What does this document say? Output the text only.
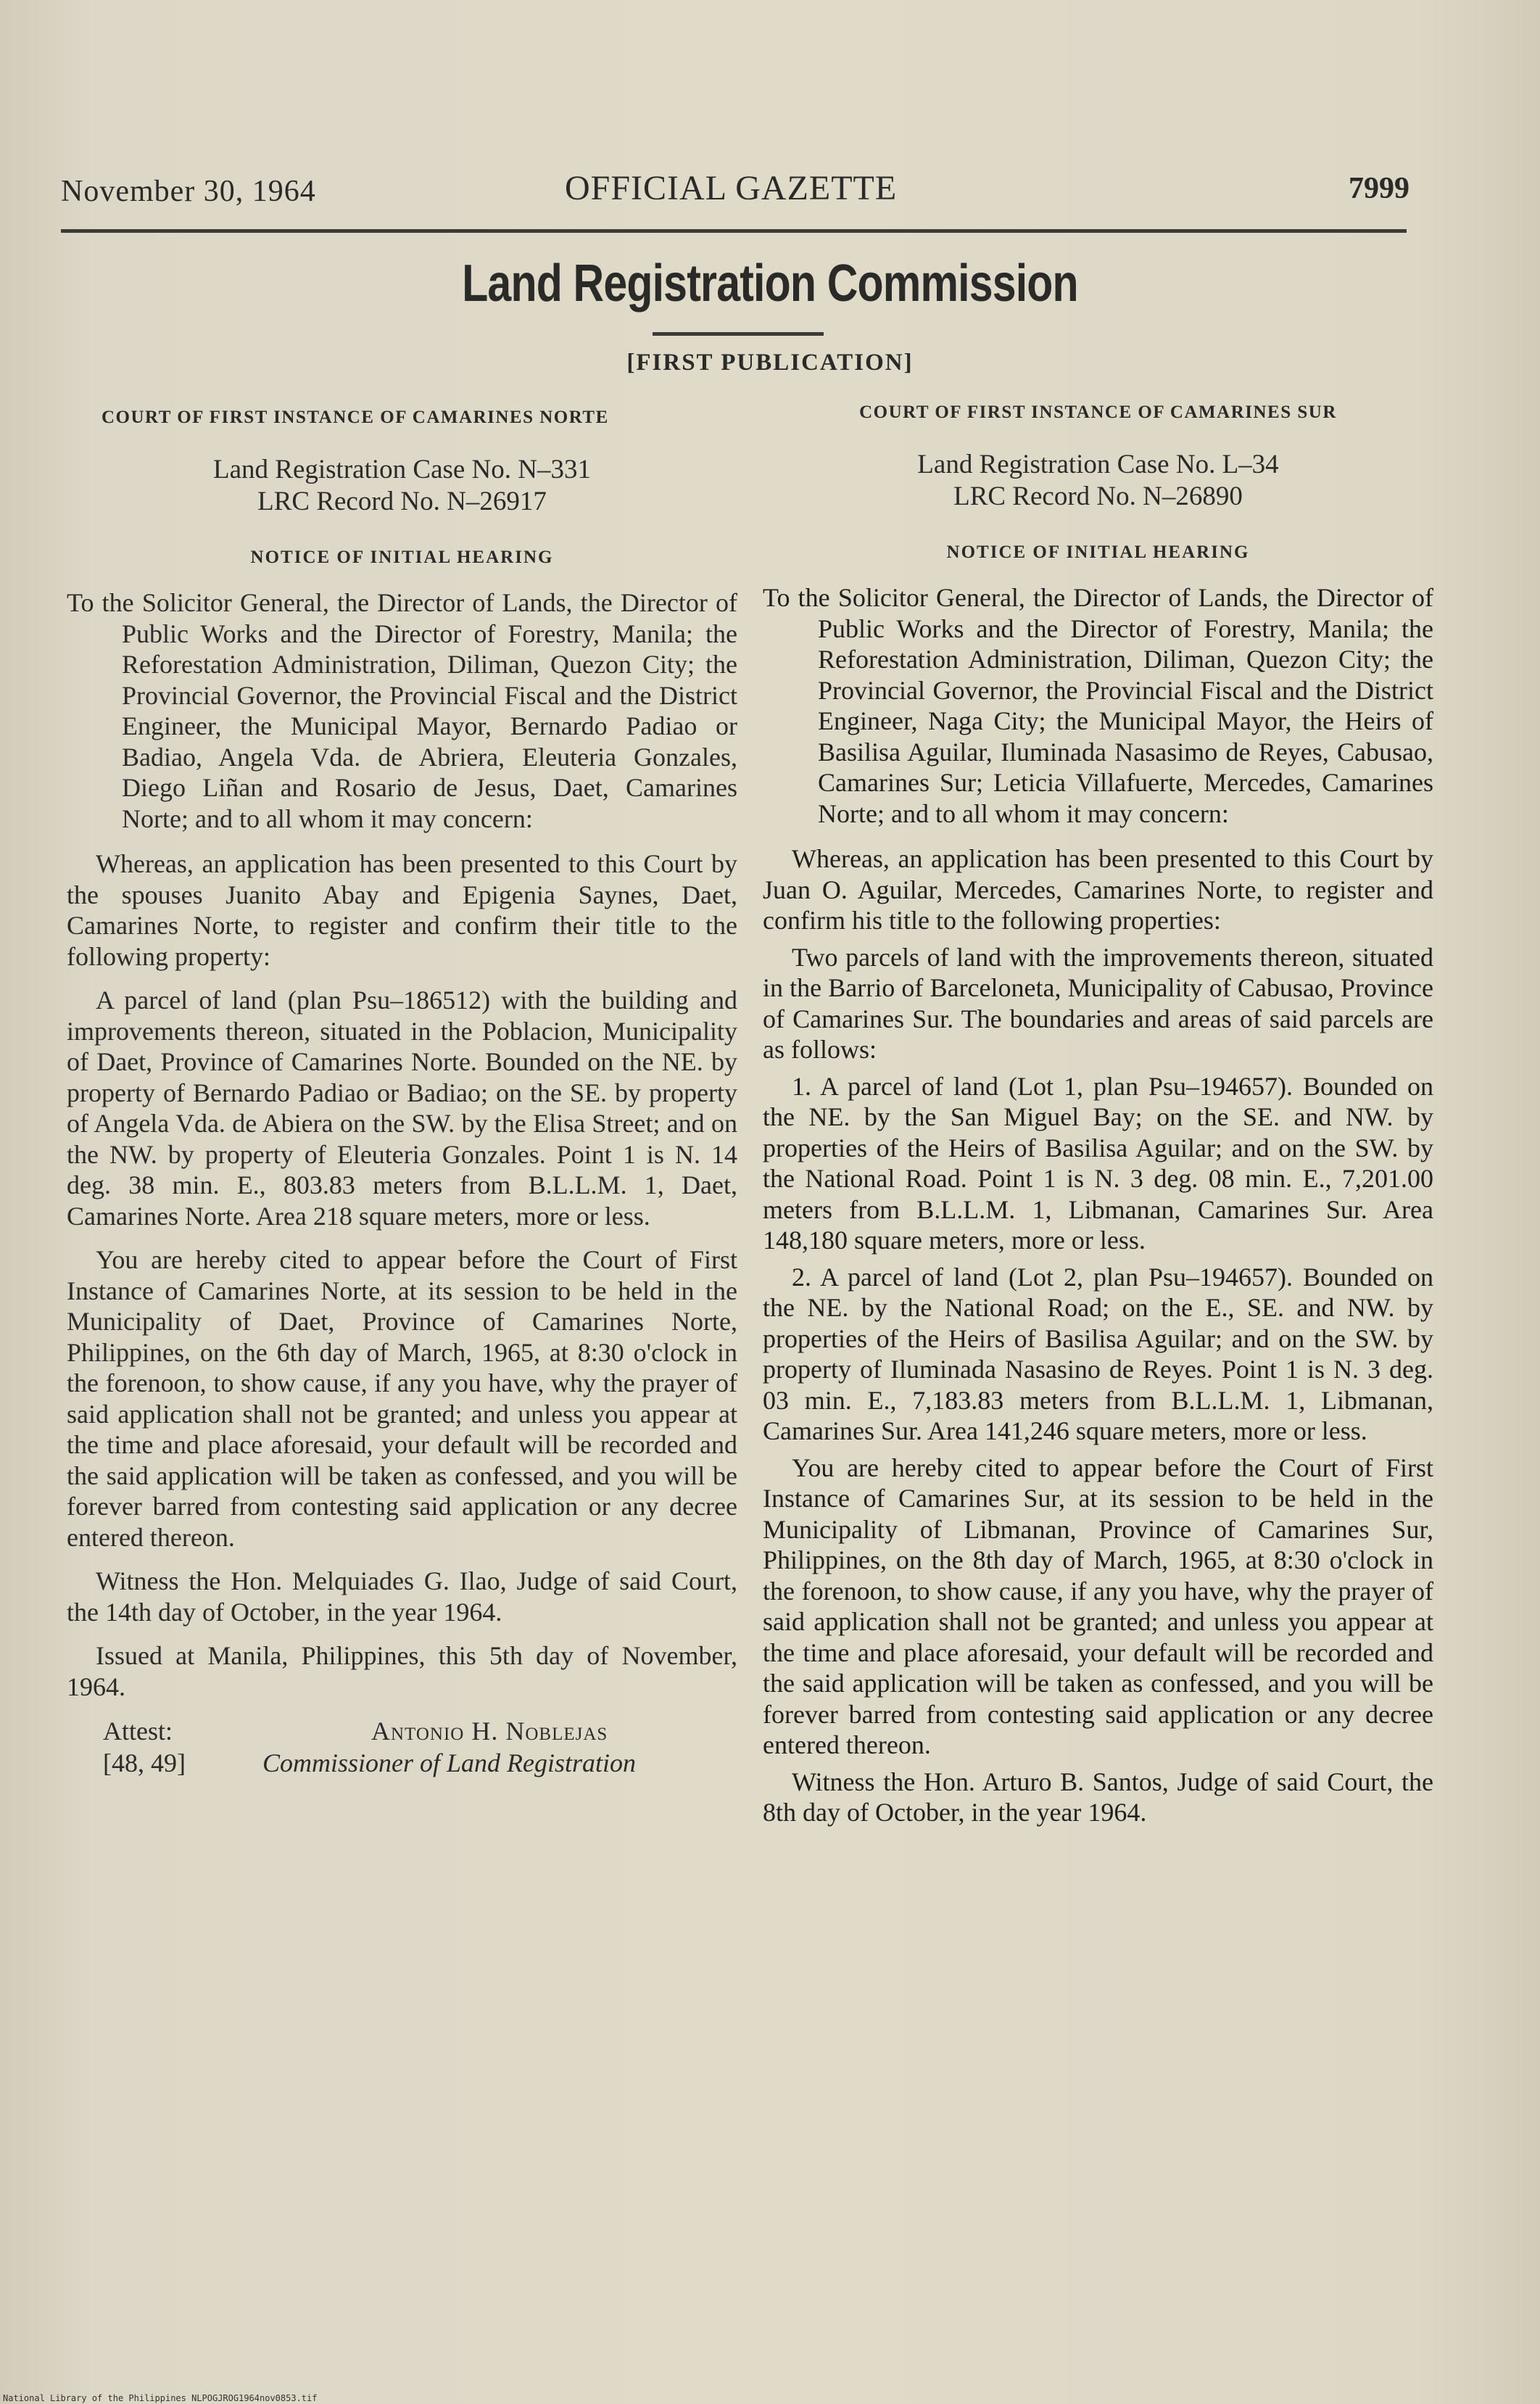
November 30, 1964	OFFICIAL GAZETTE	7999
Land Registration Commission
[FIRST PUBLICATION]
COURT OF FIRST INSTANCE OF CAMARINES NORTE
Land Registration Case No. N–331
LRC Record No. N–26917
NOTICE OF INITIAL HEARING
To the Solicitor General, the Director of Lands, the Director of Public Works and the Director of Forestry, Manila; the Reforestation Administration, Diliman, Quezon City; the Provincial Governor, the Provincial Fiscal and the District Engineer, the Municipal Mayor, Bernardo Padiao or Badiao, Angela Vda. de Abriera, Eleuteria Gonzales, Diego Liñan and Rosario de Jesus, Daet, Camarines Norte; and to all whom it may concern:
Whereas, an application has been presented to this Court by the spouses Juanito Abay and Epigenia Saynes, Daet, Camarines Norte, to register and confirm their title to the following property:
A parcel of land (plan Psu–186512) with the building and improvements thereon, situated in the Poblacion, Municipality of Daet, Province of Camarines Norte. Bounded on the NE. by property of Bernardo Padiao or Badiao; on the SE. by property of Angela Vda. de Abiera on the SW. by the Elisa Street; and on the NW. by property of Eleuteria Gonzales. Point 1 is N. 14 deg. 38 min. E., 803.83 meters from B.L.L.M. 1, Daet, Camarines Norte. Area 218 square meters, more or less.
You are hereby cited to appear before the Court of First Instance of Camarines Norte, at its session to be held in the Municipality of Daet, Province of Camarines Norte, Philippines, on the 6th day of March, 1965, at 8:30 o'clock in the forenoon, to show cause, if any you have, why the prayer of said application shall not be granted; and unless you appear at the time and place aforesaid, your default will be recorded and the said application will be taken as confessed, and you will be forever barred from contesting said application or any decree entered thereon.
Witness the Hon. Melquiades G. Ilao, Judge of said Court, the 14th day of October, in the year 1964.
Issued at Manila, Philippines, this 5th day of November, 1964.
Attest:
[48, 49]
Antonio H. Noblejas
Commissioner of Land Registration
COURT OF FIRST INSTANCE OF CAMARINES SUR
Land Registration Case No. L–34
LRC Record No. N–26890
NOTICE OF INITIAL HEARING
To the Solicitor General, the Director of Lands, the Director of Public Works and the Director of Forestry, Manila; the Reforestation Administration, Diliman, Quezon City; the Provincial Governor, the Provincial Fiscal and the District Engineer, Naga City; the Municipal Mayor, the Heirs of Basilisa Aguilar, Iluminada Nasasimo de Reyes, Cabusao, Camarines Sur; Leticia Villafuerte, Mercedes, Camarines Norte; and to all whom it may concern:
Whereas, an application has been presented to this Court by Juan O. Aguilar, Mercedes, Camarines Norte, to register and confirm his title to the following properties:
Two parcels of land with the improvements thereon, situated in the Barrio of Barceloneta, Municipality of Cabusao, Province of Camarines Sur. The boundaries and areas of said parcels are as follows:
1. A parcel of land (Lot 1, plan Psu–194657). Bounded on the NE. by the San Miguel Bay; on the SE. and NW. by properties of the Heirs of Basilisa Aguilar; and on the SW. by the National Road. Point 1 is N. 3 deg. 08 min. E., 7,201.00 meters from B.L.L.M. 1, Libmanan, Camarines Sur. Area 148,180 square meters, more or less.
2. A parcel of land (Lot 2, plan Psu–194657). Bounded on the NE. by the National Road; on the E., SE. and NW. by properties of the Heirs of Basilisa Aguilar; and on the SW. by property of Iluminada Nasasino de Reyes. Point 1 is N. 3 deg. 03 min. E., 7,183.83 meters from B.L.L.M. 1, Libmanan, Camarines Sur. Area 141,246 square meters, more or less.
You are hereby cited to appear before the Court of First Instance of Camarines Sur, at its session to be held in the Municipality of Libmanan, Province of Camarines Sur, Philippines, on the 8th day of March, 1965, at 8:30 o'clock in the forenoon, to show cause, if any you have, why the prayer of said application shall not be granted; and unless you appear at the time and place aforesaid, your default will be recorded and the said application will be taken as confessed, and you will be forever barred from contesting said application or any decree entered thereon.
Witness the Hon. Arturo B. Santos, Judge of said Court, the 8th day of October, in the year 1964.
National Library of the Philippines NLPOGJROG1964nov0853.tif
